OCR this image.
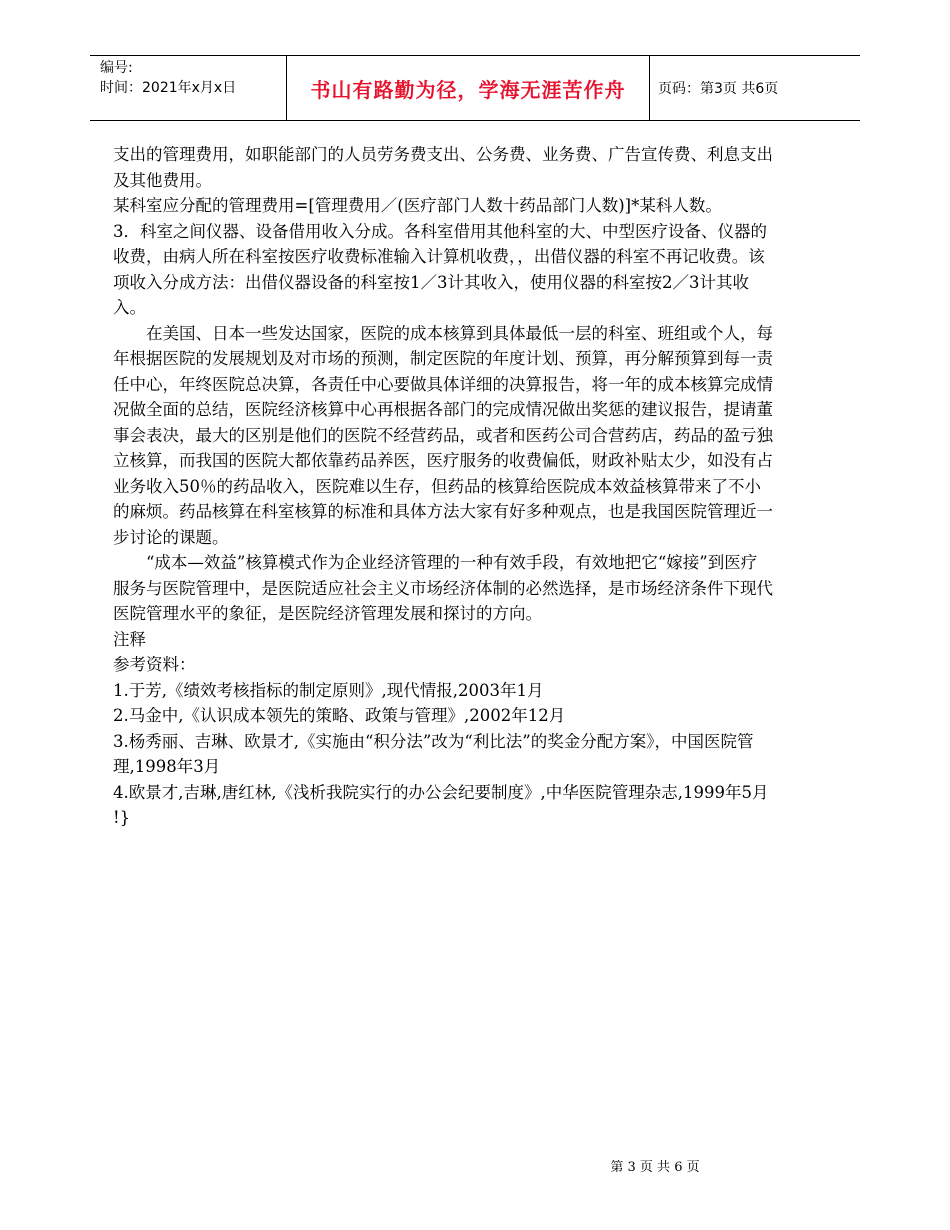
编号:
时间：2021年x月x日	书山有路勤为径，学海无涯苦作舟 页码：第3页 共6页

支出的管理费用，如职能部门的人员劳务费支出、公务费、业务费、广告宣传费、利息支出及其他费用。

某科室应分配的管理费用=[管理费用／(医疗部门人数十药品部门人数)]*某科人数。

3．科室之间仪器、设备借用收入分成。各科室借用其他科室的大、中型医疗设备、仪器的收费，由病人所在科室按医疗收费标准输入计算机收费，，出借仪器的科室不再记收费。该项收入分成方法：出借仪器设备的科室按1／3计其收入，使用仪器的科室按2／3计其收入。

在美国、日本一些发达国家，医院的成本核算到具体最低一层的科室、班组或个人，每年根据医院的发展规划及对市场的预测，制定医院的年度计划、预算，再分解预算到每一责任中心，年终医院总决算，各责任中心要做具体详细的决算报告，将一年的成本核算完成情况做全面的总结，医院经济核算中心再根据各部门的完成情况做出奖惩的建议报告，提请董事会表决，最大的区别是他们的医院不经营药品，或者和医药公司合营药店，药品的盈亏独立核算，而我国的医院大都依靠药品养医，医疗服务的收费偏低，财政补贴太少，如没有占业务收入50％的药品收入，医院难以生存，但药品的核算给医院成本效益核算带来了不小的麻烦。药品核算在科室核算的标准和具体方法大家有好多种观点，也是我国医院管理近一步讨论的课题。

“成本—效益”核算模式作为企业经济管理的一种有效手段，有效地把它“嫁接”到医疗服务与医院管理中，是医院适应社会主义市场经济体制的必然选择，是市场经济条件下现代医院管理水平的象征，是医院经济管理发展和探讨的方向。

注释

参考资料：

1.于芳,《绩效考核指标的制定原则》,现代情报,2003年1月

2.马金中,《认识成本领先的策略、政策与管理》,2002年12月

3.杨秀丽、吉琳、欧景才,《实施由“积分法”改为“利比法”的奖金分配方案》，中国医院管理,1998年3月

4.欧景才,吉琳,唐红林,《浅析我院实行的办公会纪要制度》,中华医院管理杂志,1999年5月 !}

第 3 页 共 6 页
